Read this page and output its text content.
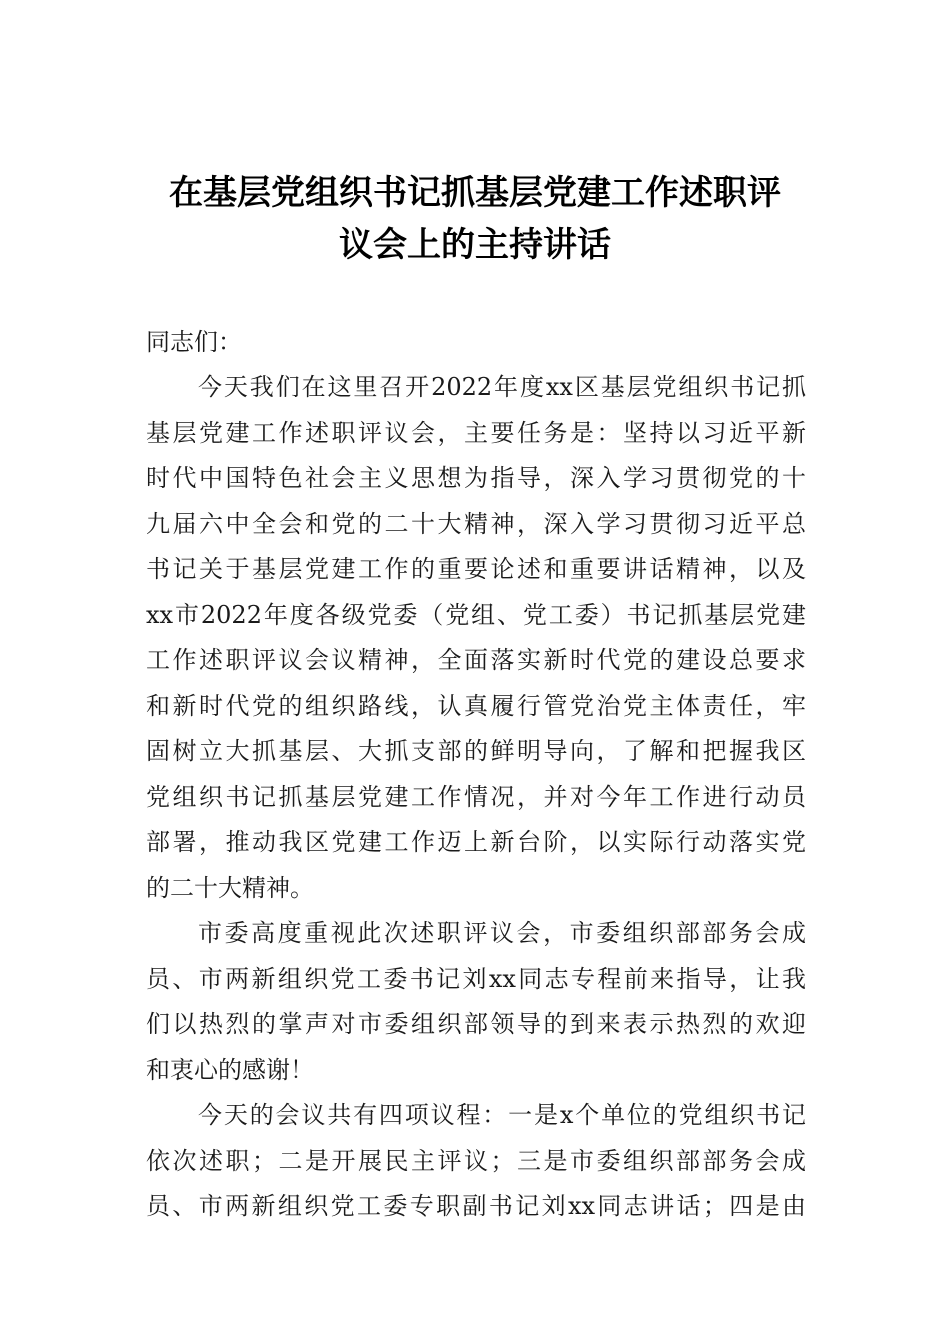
在基层党组织书记抓基层党建工作述职评
议会上的主持讲话
同志们：
今天我们在这里召开2022年度xx区基层党组织书记抓
基层党建工作述职评议会，主要任务是：坚持以习近平新
时代中国特色社会主义思想为指导，深入学习贯彻党的十
九届六中全会和党的二十大精神，深入学习贯彻习近平总
书记关于基层党建工作的重要论述和重要讲话精神，以及
xx市2022年度各级党委（党组、党工委）书记抓基层党建
工作述职评议会议精神，全面落实新时代党的建设总要求
和新时代党的组织路线，认真履行管党治党主体责任，牢
固树立大抓基层、大抓支部的鲜明导向，了解和把握我区
党组织书记抓基层党建工作情况，并对今年工作进行动员
部署，推动我区党建工作迈上新台阶，以实际行动落实党
的二十大精神。
市委高度重视此次述职评议会，市委组织部部务会成
员、市两新组织党工委书记刘xx同志专程前来指导，让我
们以热烈的掌声对市委组织部领导的到来表示热烈的欢迎
和衷心的感谢！
今天的会议共有四项议程：一是x个单位的党组织书记
依次述职；二是开展民主评议；三是市委组织部部务会成
员、市两新组织党工委专职副书记刘xx同志讲话；四是由
